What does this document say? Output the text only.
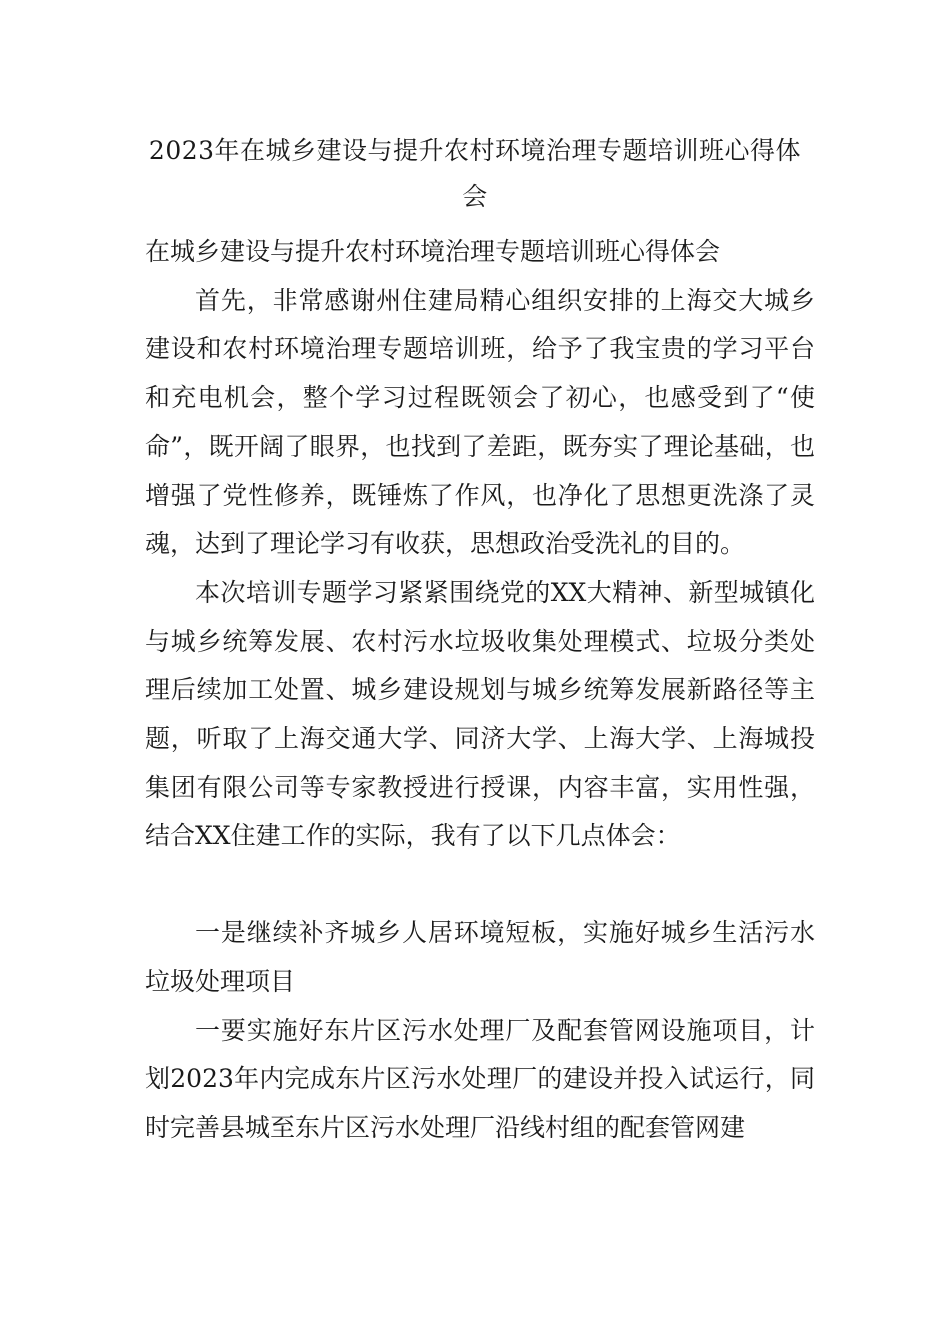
2023年在城乡建设与提升农村环境治理专题培训班心得体会

在城乡建设与提升农村环境治理专题培训班心得体会

首先，非常感谢州住建局精心组织安排的上海交大城乡建设和农村环境治理专题培训班，给予了我宝贵的学习平台和充电机会，整个学习过程既领会了初心，也感受到了“使命”，既开阔了眼界，也找到了差距，既夯实了理论基础，也增强了党性修养，既锤炼了作风，也净化了思想更洗涤了灵魂，达到了理论学习有收获，思想政治受洗礼的目的。

本次培训专题学习紧紧围绕党的XX大精神、新型城镇化与城乡统筹发展、农村污水垃圾收集处理模式、垃圾分类处理后续加工处置、城乡建设规划与城乡统筹发展新路径等主题，听取了上海交通大学、同济大学、上海大学、上海城投集团有限公司等专家教授进行授课，内容丰富，实用性强，结合XX住建工作的实际，我有了以下几点体会：

一是继续补齐城乡人居环境短板，实施好城乡生活污水垃圾处理项目

一要实施好东片区污水处理厂及配套管网设施项目，计划2023年内完成东片区污水处理厂的建设并投入试运行，同时完善县城至东片区污水处理厂沿线村组的配套管网建
